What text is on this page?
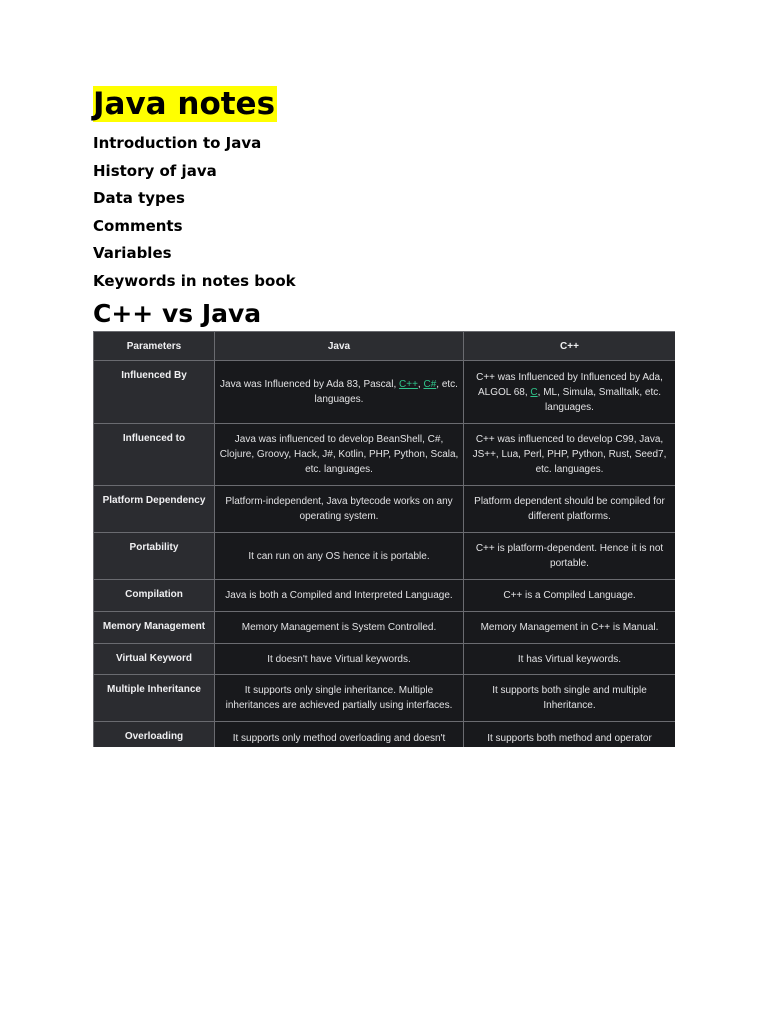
Java notes
Introduction to Java
History of java
Data types
Comments
Variables
Keywords in notes book
C++ vs Java
Parameters	Java	C++
Influenced By	Java was Influenced by Ada 83, Pascal, C++, C#, etc. languages.	C++ was Influenced by Influenced by Ada, ALGOL 68, C, ML, Simula, Smalltalk, etc. languages.
Influenced to	Java was influenced to develop BeanShell, C#, Clojure, Groovy, Hack, J#, Kotlin, PHP, Python, Scala, etc. languages.	C++ was influenced to develop C99, Java, JS++, Lua, Perl, PHP, Python, Rust, Seed7, etc. languages.
Platform Dependency	Platform-independent, Java bytecode works on any operating system.	Platform dependent should be compiled for different platforms.
Portability	It can run on any OS hence it is portable.	C++ is platform-dependent. Hence it is not portable.
Compilation	Java is both a Compiled and Interpreted Language.	C++ is a Compiled Language.
Memory Management	Memory Management is System Controlled.	Memory Management in C++ is Manual.
Virtual Keyword	It doesn't have Virtual keywords.	It has Virtual keywords.
Multiple Inheritance	It supports only single inheritance. Multiple inheritances are achieved partially using interfaces.	It supports both single and multiple Inheritance.
Overloading	It supports only method overloading and doesn't	It supports both method and operator
